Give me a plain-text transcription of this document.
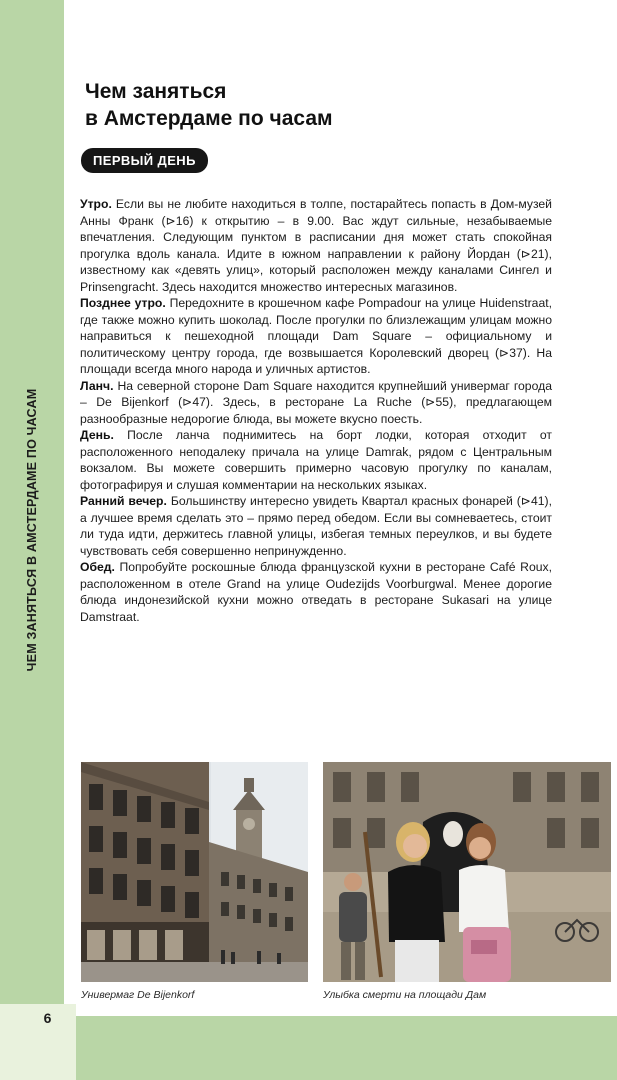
ЧЕМ ЗАНЯТЬСЯ В АМСТЕРДАМЕ ПО ЧАСАМ
Чем заняться
в Амстердаме по часам
ПЕРВЫЙ ДЕНЬ

Утро. Если вы не любите находиться в толпе, постарайтесь попасть в Дом-музей Анны Франк (⊳16) к открытию – в 9.00. Вас ждут сильные, незабываемые впечатления. Следующим пунктом в расписании дня может стать спокойная прогулка вдоль канала. Идите в южном направлении к району Йордан (⊳21), известному как «девять улиц», который расположен между каналами Сингел и Prinsengracht. Здесь находится множество интересных магазинов.

Позднее утро. Передохните в крошечном кафе Pompadour на улице Huidenstraat, где также можно купить шоколад. После прогулки по близлежащим улицам можно направиться к пешеходной площади Dam Square – официальному и политическому центру города, где возвышается Королевский дворец (⊳37). На площади всегда много народа и уличных артистов.

Ланч. На северной стороне Dam Square находится крупнейший универмаг города – De Bijenkorf (⊳47). Здесь, в ресторане La Ruche (⊳55), предлагающем разнообразные недорогие блюда, вы можете вкусно поесть.

День. После ланча поднимитесь на борт лодки, которая отходит от расположенного неподалеку причала на улице Damrak, рядом с Центральным вокзалом. Вы можете совершить примерно часовую прогулку по каналам, фотографируя и слушая комментарии на нескольких языках.

Ранний вечер. Большинству интересно увидеть Квартал красных фонарей (⊳41), а лучшее время сделать это – прямо перед обедом. Если вы сомневаетесь, стоит ли туда идти, держитесь главной улицы, избегая темных переулков, и вы будете чувствовать себя совершенно непринужденно.

Обед. Попробуйте роскошные блюда французской кухни в ресторане Café Roux, расположенном в отеле Grand на улице Oudezijds Voorburgwal. Менее дорогие блюда индонезийской кухни можно отведать в ресторане Sukasari на улице Damstraat.

Универмаг De Bijenkorf	Улыбка смерти на площади Дам
6
